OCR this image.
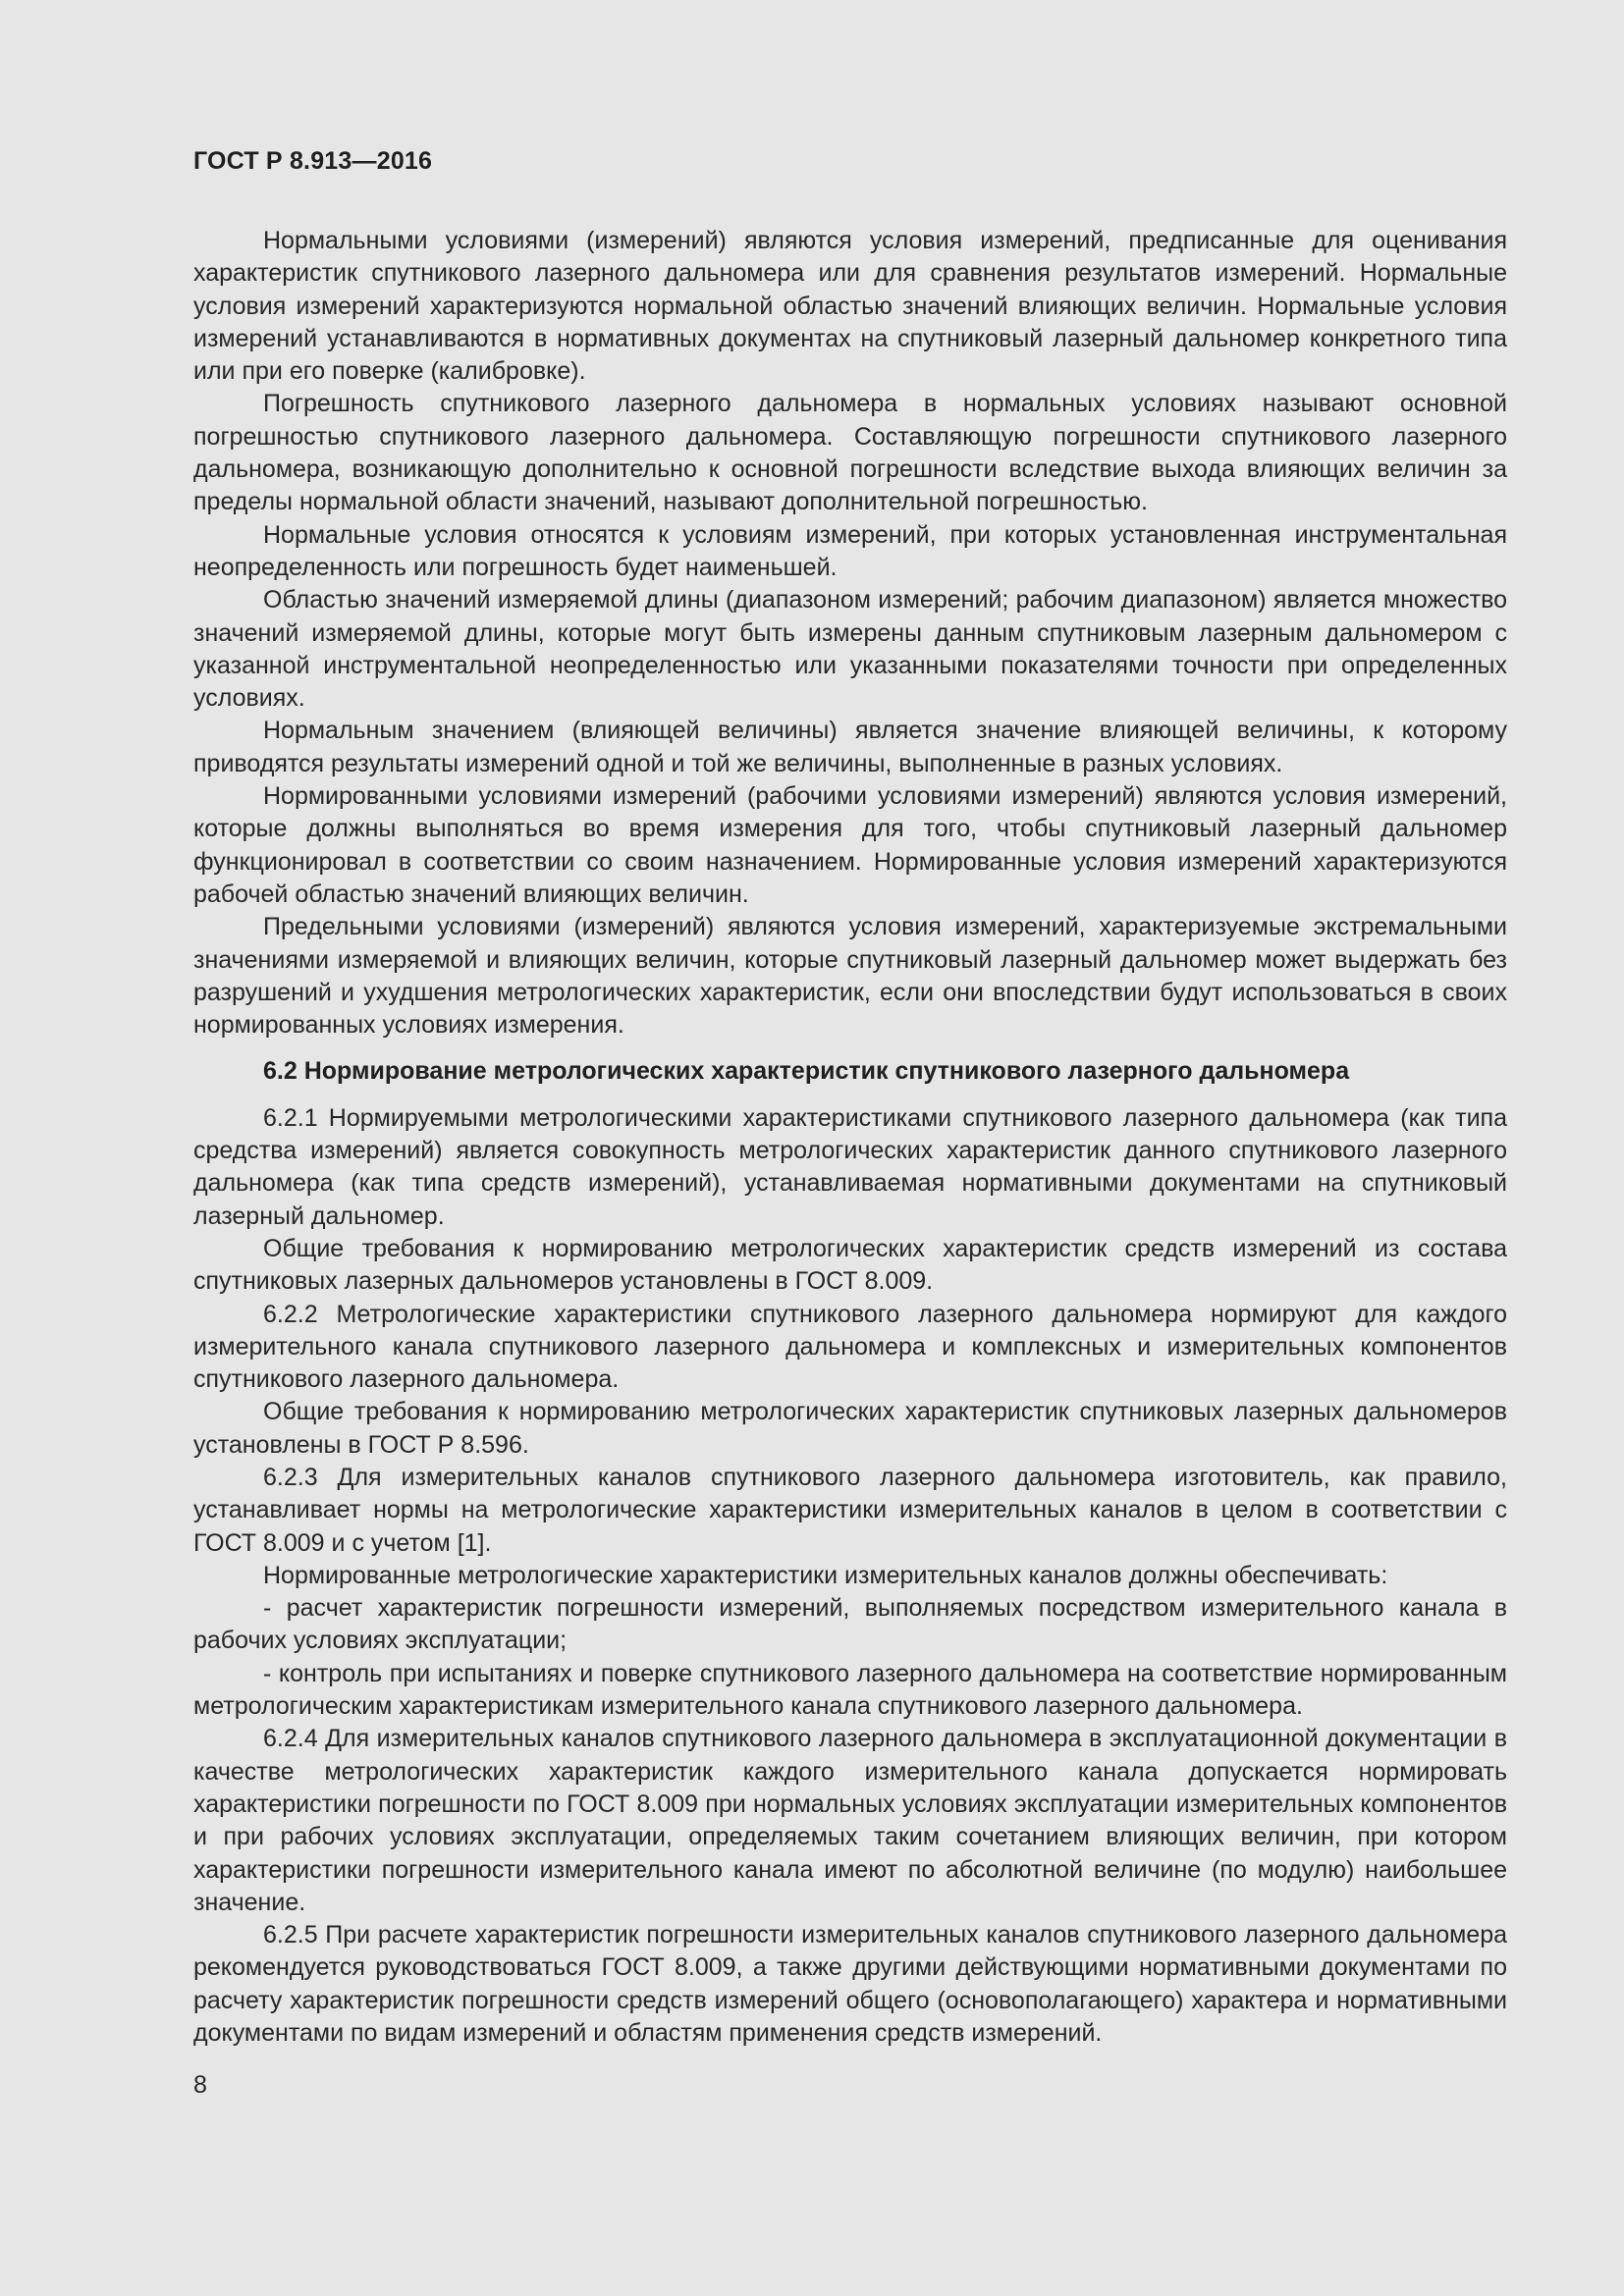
ГОСТ Р 8.913—2016

Нормальными условиями (измерений) являются условия измерений, предписанные для оценивания характеристик спутникового лазерного дальномера или для сравнения результатов измерений. Нормальные условия измерений характеризуются нормальной областью значений влияющих величин. Нормальные условия измерений устанавливаются в нормативных документах на спутниковый лазерный дальномер конкретного типа или при его поверке (калибровке).

Погрешность спутникового лазерного дальномера в нормальных условиях называют основной погрешностью спутникового лазерного дальномера. Составляющую погрешности спутникового лазерного дальномера, возникающую дополнительно к основной погрешности вследствие выхода влияющих величин за пределы нормальной области значений, называют дополнительной погрешностью.

Нормальные условия относятся к условиям измерений, при которых установленная инструментальная неопределенность или погрешность будет наименьшей.

Областью значений измеряемой длины (диапазоном измерений; рабочим диапазоном) является множество значений измеряемой длины, которые могут быть измерены данным спутниковым лазерным дальномером с указанной инструментальной неопределенностью или указанными показателями точности при определенных условиях.

Нормальным значением (влияющей величины) является значение влияющей величины, к которому приводятся результаты измерений одной и той же величины, выполненные в разных условиях.

Нормированными условиями измерений (рабочими условиями измерений) являются условия измерений, которые должны выполняться во время измерения для того, чтобы спутниковый лазерный дальномер функционировал в соответствии со своим назначением. Нормированные условия измерений характеризуются рабочей областью значений влияющих величин.

Предельными условиями (измерений) являются условия измерений, характеризуемые экстремальными значениями измеряемой и влияющих величин, которые спутниковый лазерный дальномер может выдержать без разрушений и ухудшения метрологических характеристик, если они впоследствии будут использоваться в своих нормированных условиях измерения.

6.2 Нормирование метрологических характеристик спутникового лазерного дальномера

6.2.1 Нормируемыми метрологическими характеристиками спутникового лазерного дальномера (как типа средства измерений) является совокупность метрологических характеристик данного спутникового лазерного дальномера (как типа средств измерений), устанавливаемая нормативными документами на спутниковый лазерный дальномер.

Общие требования к нормированию метрологических характеристик средств измерений из состава спутниковых лазерных дальномеров установлены в ГОСТ 8.009.

6.2.2 Метрологические характеристики спутникового лазерного дальномера нормируют для каждого измерительного канала спутникового лазерного дальномера и комплексных и измерительных компонентов спутникового лазерного дальномера.

Общие требования к нормированию метрологических характеристик спутниковых лазерных дальномеров установлены в ГОСТ Р 8.596.

6.2.3 Для измерительных каналов спутникового лазерного дальномера изготовитель, как правило, устанавливает нормы на метрологические характеристики измерительных каналов в целом в соответствии с ГОСТ 8.009 и с учетом [1].

Нормированные метрологические характеристики измерительных каналов должны обеспечивать:

- расчет характеристик погрешности измерений, выполняемых посредством измерительного канала в рабочих условиях эксплуатации;

- контроль при испытаниях и поверке спутникового лазерного дальномера на соответствие нормированным метрологическим характеристикам измерительного канала спутникового лазерного дальномера.

6.2.4 Для измерительных каналов спутникового лазерного дальномера в эксплуатационной документации в качестве метрологических характеристик каждого измерительного канала допускается нормировать характеристики погрешности по ГОСТ 8.009 при нормальных условиях эксплуатации измерительных компонентов и при рабочих условиях эксплуатации, определяемых таким сочетанием влияющих величин, при котором характеристики погрешности измерительного канала имеют по абсолютной величине (по модулю) наибольшее значение.

6.2.5 При расчете характеристик погрешности измерительных каналов спутникового лазерного дальномера рекомендуется руководствоваться ГОСТ 8.009, а также другими действующими нормативными документами по расчету характеристик погрешности средств измерений общего (основополагающего) характера и нормативными документами по видам измерений и областям применения средств измерений.

8
